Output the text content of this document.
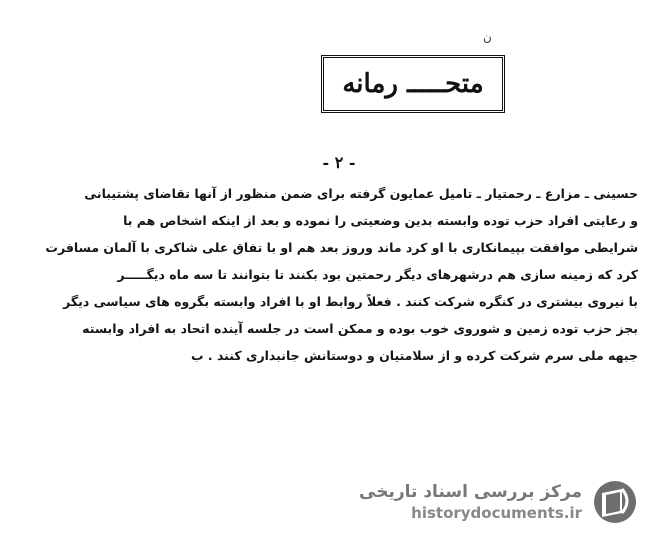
ن
متحـــــ رمانه
- ۲ -
حسینی ـ مزارع ـ رحمتیار ـ تامیل عمایون گرفته برای ضمن منظور از آنها تقاضای پشتیبانی
و رعایتی افراد حزب توده وابسته بدین وضعیتی را نموده و بعد از اینکه اشخاص هم با
شرایطی موافقت بپیمانکاری با او کرد ماند وروز بعد هم او با تفاق علی شاکری با آلمان مسافرت
کرد که زمینه سازی هم درشهرهای دیگر رحمتین بود بکنند تا بتوانند تا سه ماه دیگـــــر
با نیروی بیشتری در کنگره شرکت کنند . فعلاً روابط او با افراد وابسته بگروه های سیاسی دیگر
بجز حزب توده زمین و شوروی خوب بوده و ممکن است در جلسه آینده اتحاد به افراد وابسته
جبهه ملی سرم شرکت کرده و از سلامتیان و دوستانش جانبداری کنند . ب
مرکز بررسی اسناد تاریخی
historydocuments.ir
